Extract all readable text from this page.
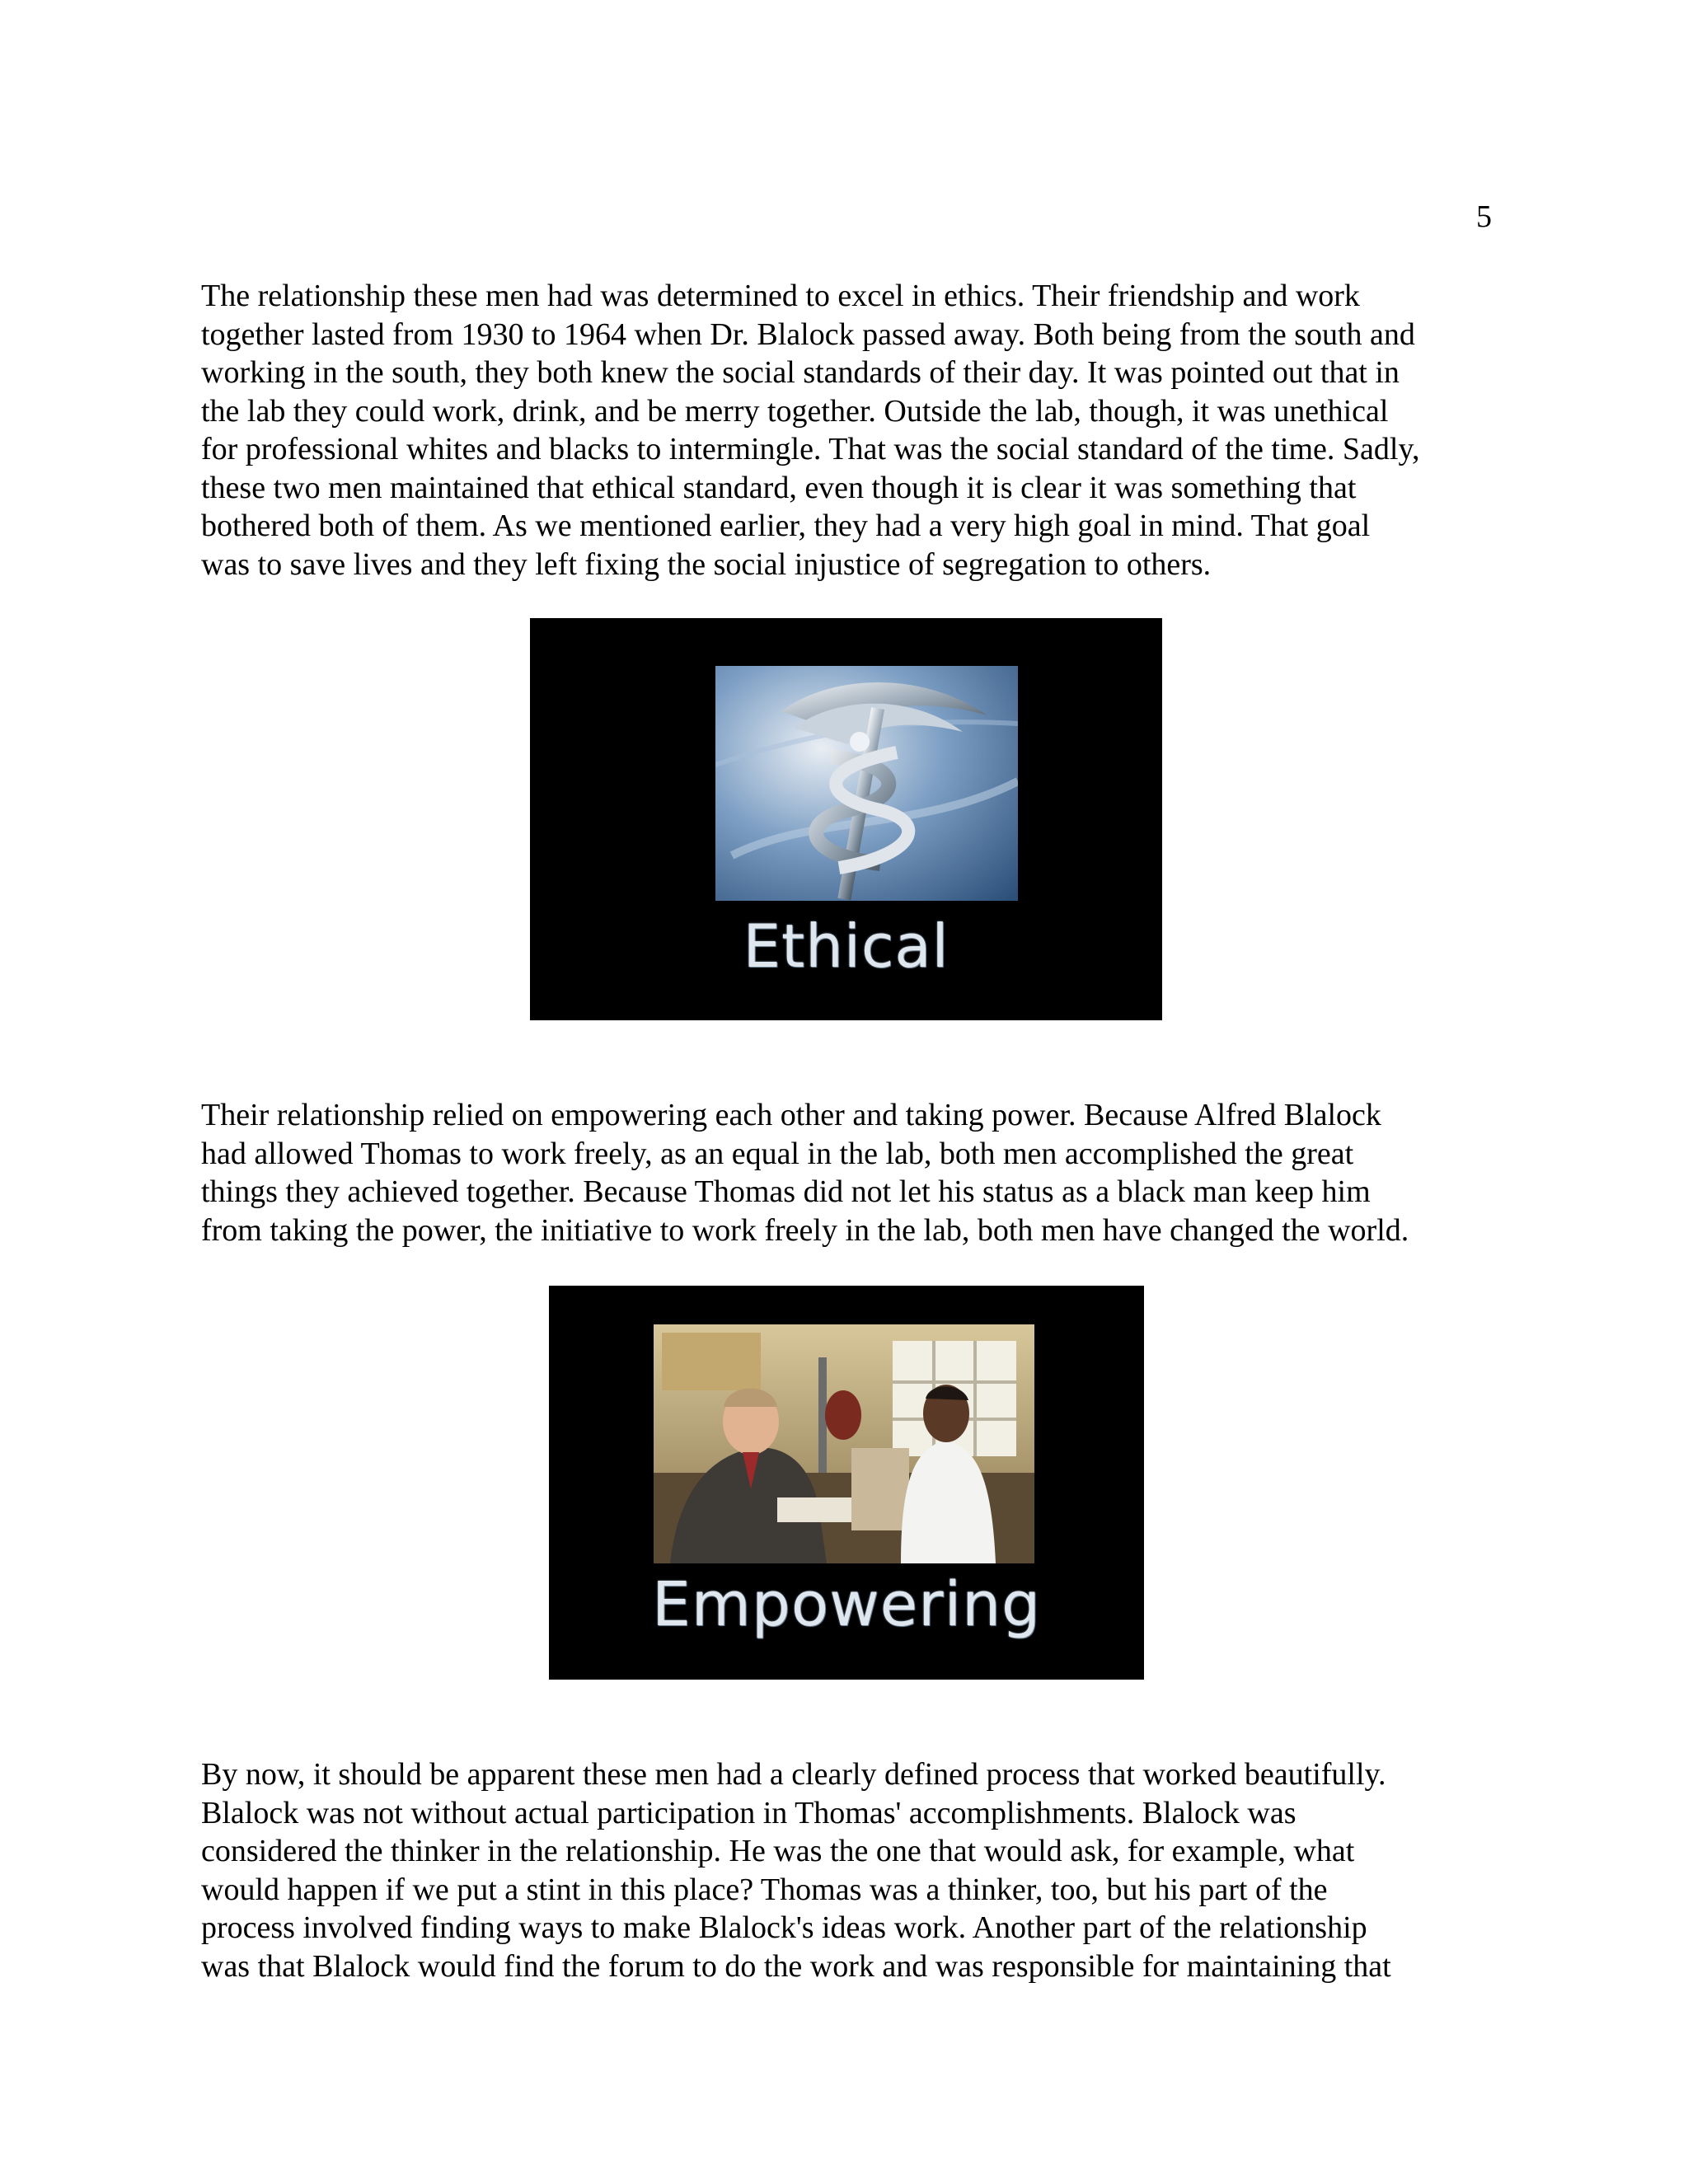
5

The relationship these men had was determined to excel in ethics. Their friendship and work
together lasted from 1930 to 1964 when Dr. Blalock passed away. Both being from the south and
working in the south, they both knew the social standards of their day. It was pointed out that in
the lab they could work, drink, and be merry together. Outside the lab, though, it was unethical
for professional whites and blacks to intermingle. That was the social standard of the time. Sadly,
these two men maintained that ethical standard, even though it is clear it was something that
bothered both of them. As we mentioned earlier, they had a very high goal in mind. That goal
was to save lives and they left fixing the social injustice of segregation to others.

Ethical

Their relationship relied on empowering each other and taking power. Because Alfred Blalock
had allowed Thomas to work freely, as an equal in the lab, both men accomplished the great
things they achieved together. Because Thomas did not let his status as a black man keep him
from taking the power, the initiative to work freely in the lab, both men have changed the world.

Empowering

By now, it should be apparent these men had a clearly defined process that worked beautifully.
Blalock was not without actual participation in Thomas' accomplishments. Blalock was
considered the thinker in the relationship. He was the one that would ask, for example, what
would happen if we put a stint in this place? Thomas was a thinker, too, but his part of the
process involved finding ways to make Blalock's ideas work. Another part of the relationship
was that Blalock would find the forum to do the work and was responsible for maintaining that
